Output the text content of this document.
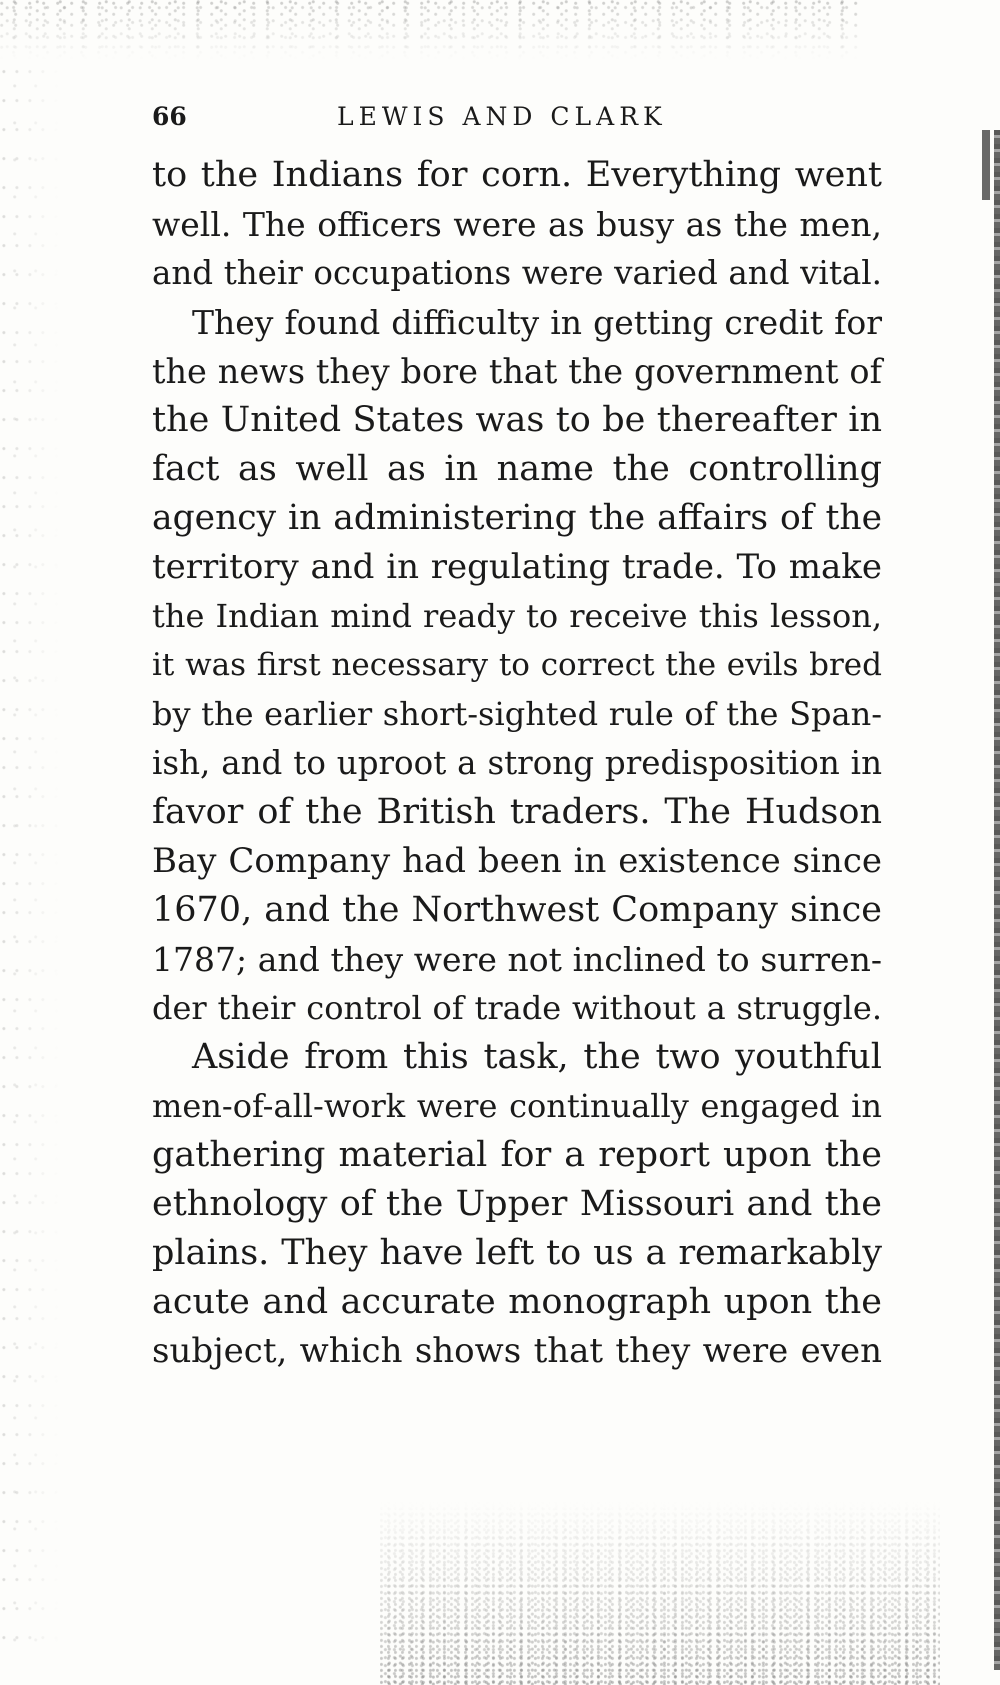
66	LEWIS AND CLARK

to the Indians for corn. Everything went
well. The officers were as busy as the men,
and their occupations were varied and vital.

They found difficulty in getting credit for
the news they bore that the government of
the United States was to be thereafter in
fact as well as in name the controlling
agency in administering the affairs of the
territory and in regulating trade. To make
the Indian mind ready to receive this lesson,
it was first necessary to correct the evils bred
by the earlier short-sighted rule of the Span-
ish, and to uproot a strong predisposition in
favor of the British traders. The Hudson
Bay Company had been in existence since
1670, and the Northwest Company since
1787; and they were not inclined to surren-
der their control of trade without a struggle.

Aside from this task, the two youthful
men-of-all-work were continually engaged in
gathering material for a report upon the
ethnology of the Upper Missouri and the
plains. They have left to us a remarkably
acute and accurate monograph upon the
subject, which shows that they were even
